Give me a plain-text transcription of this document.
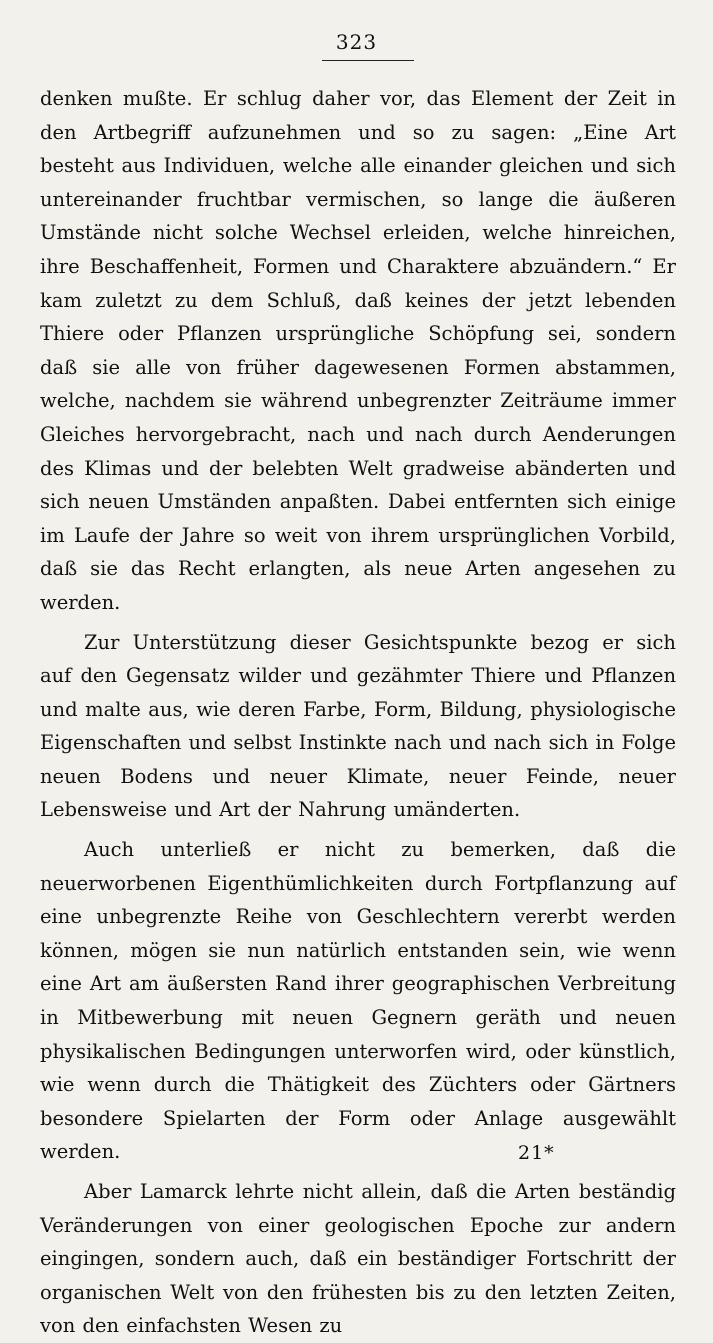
323

denken mußte. Er schlug daher vor, das Element der Zeit in den Artbegriff aufzunehmen und so zu sagen: „Eine Art besteht aus Individuen, welche alle einander gleichen und sich untereinander fruchtbar vermischen, so lange die äußeren Umstände nicht solche Wechsel erleiden, welche hinreichen, ihre Beschaffenheit, Formen und Charaktere abzuändern.“ Er kam zuletzt zu dem Schluß, daß keines der jetzt lebenden Thiere oder Pflanzen ursprüngliche Schöpfung sei, sondern daß sie alle von früher dagewesenen Formen abstammen, welche, nachdem sie während unbegrenzter Zeiträume immer Gleiches hervorgebracht, nach und nach durch Aenderungen des Klimas und der belebten Welt gradweise abänderten und sich neuen Umständen anpaßten. Dabei entfernten sich einige im Laufe der Jahre so weit von ihrem ursprünglichen Vorbild, daß sie das Recht erlangten, als neue Arten angesehen zu werden.

Zur Unterstützung dieser Gesichtspunkte bezog er sich auf den Gegensatz wilder und gezähmter Thiere und Pflanzen und malte aus, wie deren Farbe, Form, Bildung, physiologische Eigenschaften und selbst Instinkte nach und nach sich in Folge neuen Bodens und neuer Klimate, neuer Feinde, neuer Lebensweise und Art der Nahrung umänderten.

Auch unterließ er nicht zu bemerken, daß die neuerworbenen Eigenthümlichkeiten durch Fortpflanzung auf eine unbegrenzte Reihe von Geschlechtern vererbt werden können, mögen sie nun natürlich entstanden sein, wie wenn eine Art am äußersten Rand ihrer geographischen Verbreitung in Mitbewerbung mit neuen Gegnern geräth und neuen physikalischen Bedingungen unterworfen wird, oder künstlich, wie wenn durch die Thätigkeit des Züchters oder Gärtners besondere Spielarten der Form oder Anlage ausgewählt werden.

Aber Lamarck lehrte nicht allein, daß die Arten beständig Veränderungen von einer geologischen Epoche zur andern eingingen, sondern auch, daß ein beständiger Fortschritt der organischen Welt von den frühesten bis zu den letzten Zeiten, von den einfachsten Wesen zu

21*
